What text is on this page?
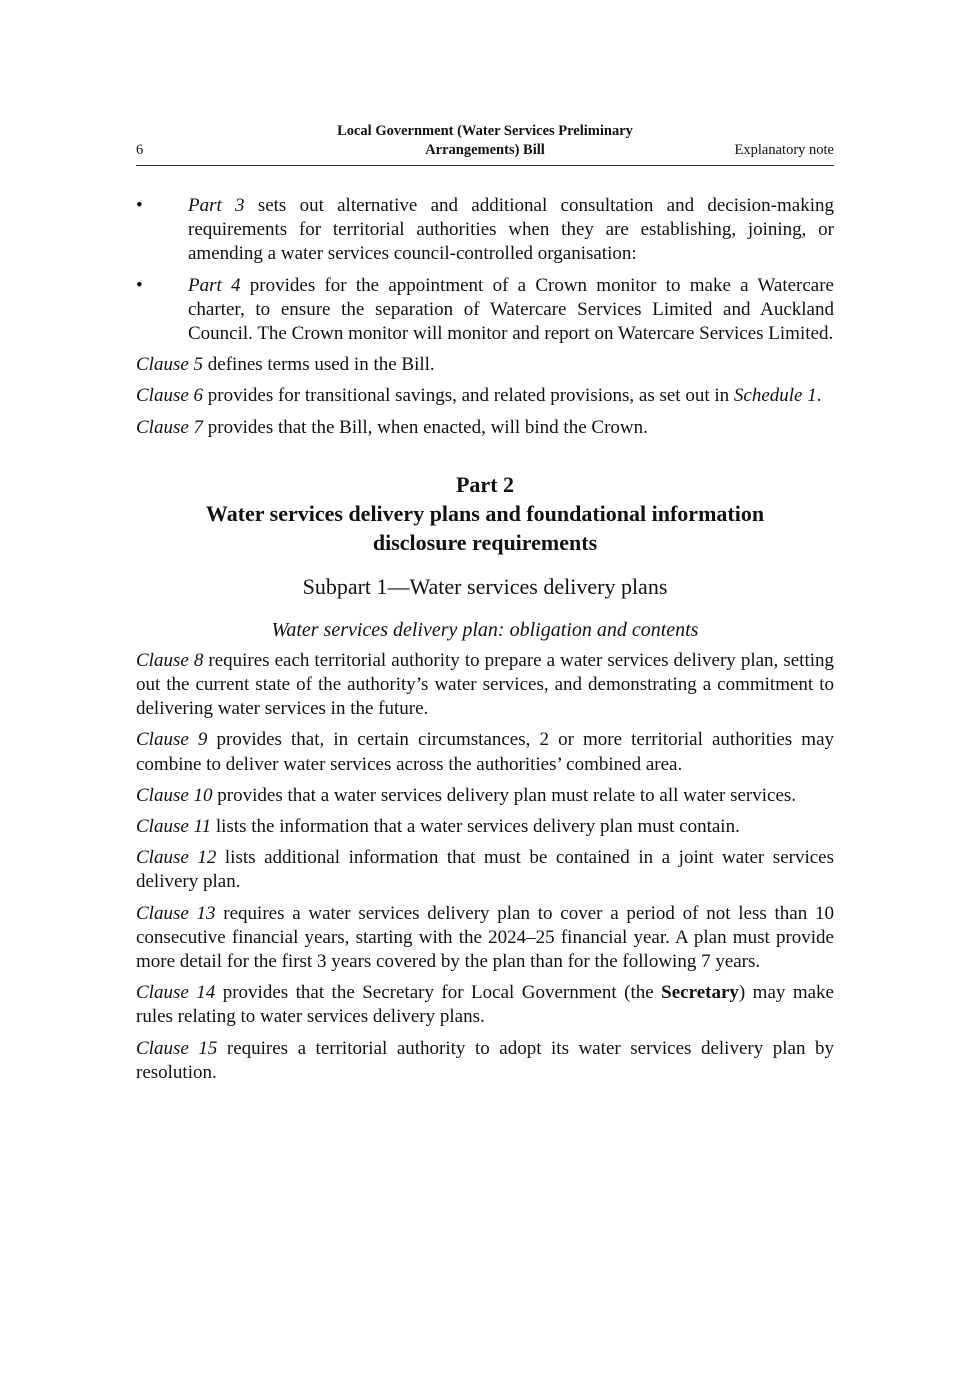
6
Local Government (Water Services Preliminary Arrangements) Bill	Explanatory note
• Part 3 sets out alternative and additional consultation and decision-making requirements for territorial authorities when they are establishing, joining, or amending a water services council-controlled organisation:
• Part 4 provides for the appointment of a Crown monitor to make a Watercare charter, to ensure the separation of Watercare Services Limited and Auckland Council. The Crown monitor will monitor and report on Watercare Services Limited.

Clause 5 defines terms used in the Bill.

Clause 6 provides for transitional savings, and related provisions, as set out in Schedule 1.

Clause 7 provides that the Bill, when enacted, will bind the Crown.

Part 2
Water services delivery plans and foundational information disclosure requirements
Subpart 1—Water services delivery plans
Water services delivery plan: obligation and contents

Clause 8 requires each territorial authority to prepare a water services delivery plan, setting out the current state of the authority’s water services, and demonstrating a commitment to delivering water services in the future.

Clause 9 provides that, in certain circumstances, 2 or more territorial authorities may combine to deliver water services across the authorities’ combined area.

Clause 10 provides that a water services delivery plan must relate to all water services.

Clause 11 lists the information that a water services delivery plan must contain.

Clause 12 lists additional information that must be contained in a joint water services delivery plan.

Clause 13 requires a water services delivery plan to cover a period of not less than 10 consecutive financial years, starting with the 2024–25 financial year. A plan must provide more detail for the first 3 years covered by the plan than for the following 7 years.

Clause 14 provides that the Secretary for Local Government (the Secretary) may make rules relating to water services delivery plans.

Clause 15 requires a territorial authority to adopt its water services delivery plan by resolution.
